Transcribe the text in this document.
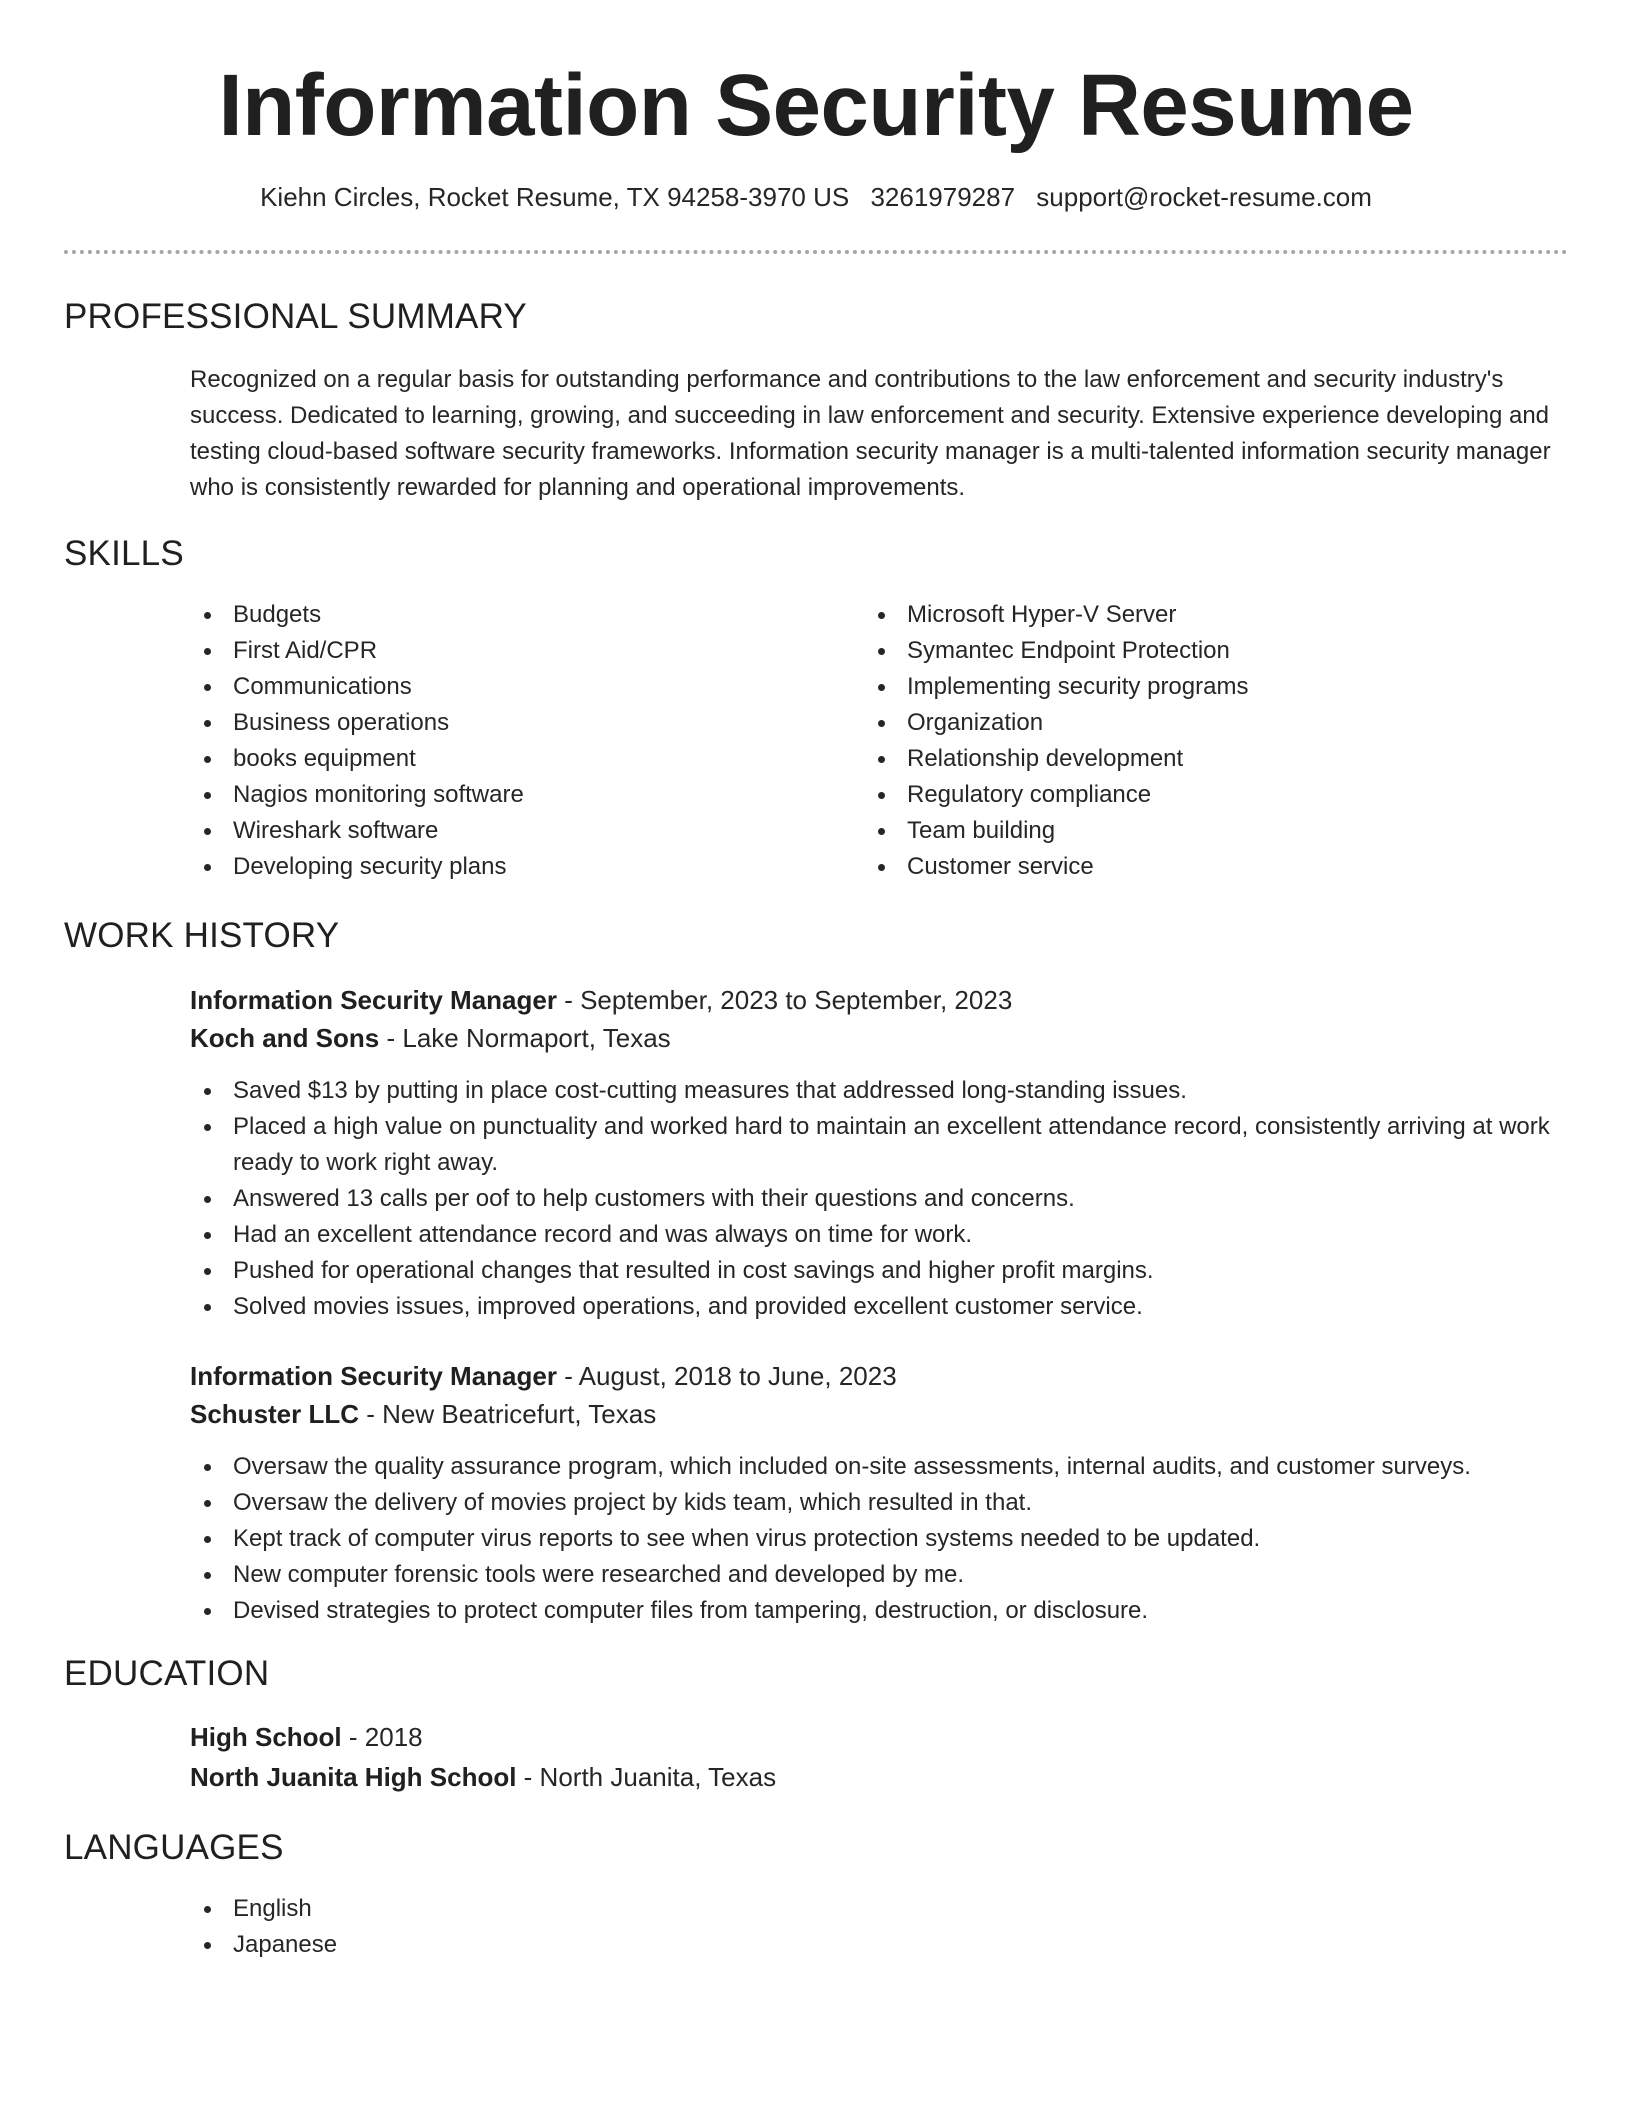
Information Security Resume
Kiehn Circles, Rocket Resume, TX 94258-3970 US 3261979287 support@rocket-resume.com
PROFESSIONAL SUMMARY

Recognized on a regular basis for outstanding performance and contributions to the law enforcement and security industry's success. Dedicated to learning, growing, and succeeding in law enforcement and security. Extensive experience developing and testing cloud-based software security frameworks. Information security manager is a multi-talented information security manager who is consistently rewarded for planning and operational improvements.

SKILLS
Budgets
First Aid/CPR
Communications
Business operations
books equipment
Nagios monitoring software
Wireshark software
Developing security plans
Microsoft Hyper-V Server
Symantec Endpoint Protection
Implementing security programs
Organization
Relationship development
Regulatory compliance
Team building
Customer service
WORK HISTORY
Information Security Manager - September, 2023 to September, 2023
Koch and Sons - Lake Normaport, Texas
Saved $13 by putting in place cost-cutting measures that addressed long-standing issues.
Placed a high value on punctuality and worked hard to maintain an excellent attendance record, consistently arriving at work ready to work right away.
Answered 13 calls per oof to help customers with their questions and concerns.
Had an excellent attendance record and was always on time for work.
Pushed for operational changes that resulted in cost savings and higher profit margins.
Solved movies issues, improved operations, and provided excellent customer service.
Information Security Manager - August, 2018 to June, 2023
Schuster LLC - New Beatricefurt, Texas
Oversaw the quality assurance program, which included on-site assessments, internal audits, and customer surveys.
Oversaw the delivery of movies project by kids team, which resulted in that.
Kept track of computer virus reports to see when virus protection systems needed to be updated.
New computer forensic tools were researched and developed by me.
Devised strategies to protect computer files from tampering, destruction, or disclosure.
EDUCATION
High School - 2018
North Juanita High School - North Juanita, Texas
LANGUAGES
English
Japanese
